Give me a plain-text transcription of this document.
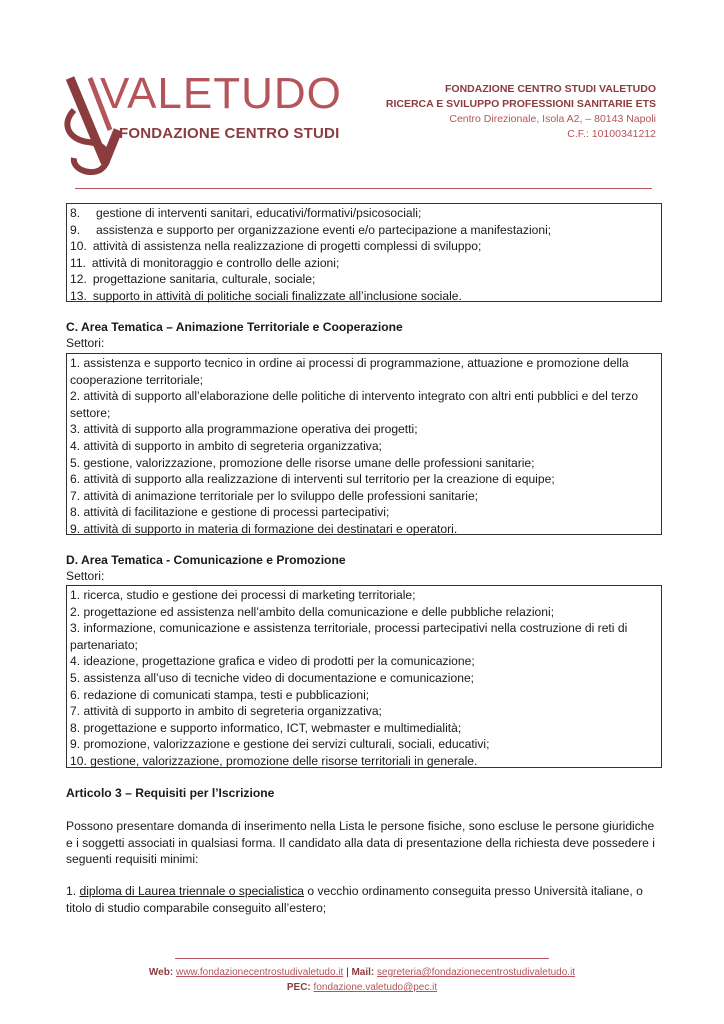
VALETUDO
FONDAZIONE CENTRO STUDI
FONDAZIONE CENTRO STUDI VALETUDO
RICERCA E SVILUPPO PROFESSIONI SANITARIE ETS
Centro Direzionale, Isola A2, – 80143 Napoli
C.F.: 10100341212
8. gestione di interventi sanitari, educativi/formativi/psicosociali;
9. assistenza e supporto per organizzazione eventi e/o partecipazione a manifestazioni;
10. attività di assistenza nella realizzazione di progetti complessi di sviluppo;
11. attività di monitoraggio e controllo delle azioni;
12. progettazione sanitaria, culturale, sociale;
13. supporto in attività di politiche sociali finalizzate all’inclusione sociale.
C. Area Tematica – Animazione Territoriale e Cooperazione
Settori:
1. assistenza e supporto tecnico in ordine ai processi di programmazione, attuazione e promozione della cooperazione territoriale;
2. attività di supporto all’elaborazione delle politiche di intervento integrato con altri enti pubblici e del terzo settore;
3. attività di supporto alla programmazione operativa dei progetti;
4. attività di supporto in ambito di segreteria organizzativa;
5. gestione, valorizzazione, promozione delle risorse umane delle professioni sanitarie;
6. attività di supporto alla realizzazione di interventi sul territorio per la creazione di equipe;
7. attività di animazione territoriale per lo sviluppo delle professioni sanitarie;
8. attività di facilitazione e gestione di processi partecipativi;
9. attività di supporto in materia di formazione dei destinatari e operatori.
D. Area Tematica - Comunicazione e Promozione
Settori:
1. ricerca, studio e gestione dei processi di marketing territoriale;
2. progettazione ed assistenza nell’ambito della comunicazione e delle pubbliche relazioni;
3. informazione, comunicazione e assistenza territoriale, processi partecipativi nella costruzione di reti di partenariato;
4. ideazione, progettazione grafica e video di prodotti per la comunicazione;
5. assistenza all’uso di tecniche video di documentazione e comunicazione;
6. redazione di comunicati stampa, testi e pubblicazioni;
7. attività di supporto in ambito di segreteria organizzativa;
8. progettazione e supporto informatico, ICT, webmaster e multimedialità;
9. promozione, valorizzazione e gestione dei servizi culturali, sociali, educativi;
10. gestione, valorizzazione, promozione delle risorse territoriali in generale.
Articolo 3 – Requisiti per l’Iscrizione
Possono presentare domanda di inserimento nella Lista le persone fisiche, sono escluse le persone giuridiche e i soggetti associati in qualsiasi forma. Il candidato alla data di presentazione della richiesta deve possedere i seguenti requisiti minimi:
1. diploma di Laurea triennale o specialistica o vecchio ordinamento conseguita presso Università italiane, o titolo di studio comparabile conseguito all’estero;
Web: www.fondazionecentrostudivaletudo.it | Mail: segreteria@fondazionecentrostudivaletudo.it
PEC: fondazione.valetudo@pec.it
